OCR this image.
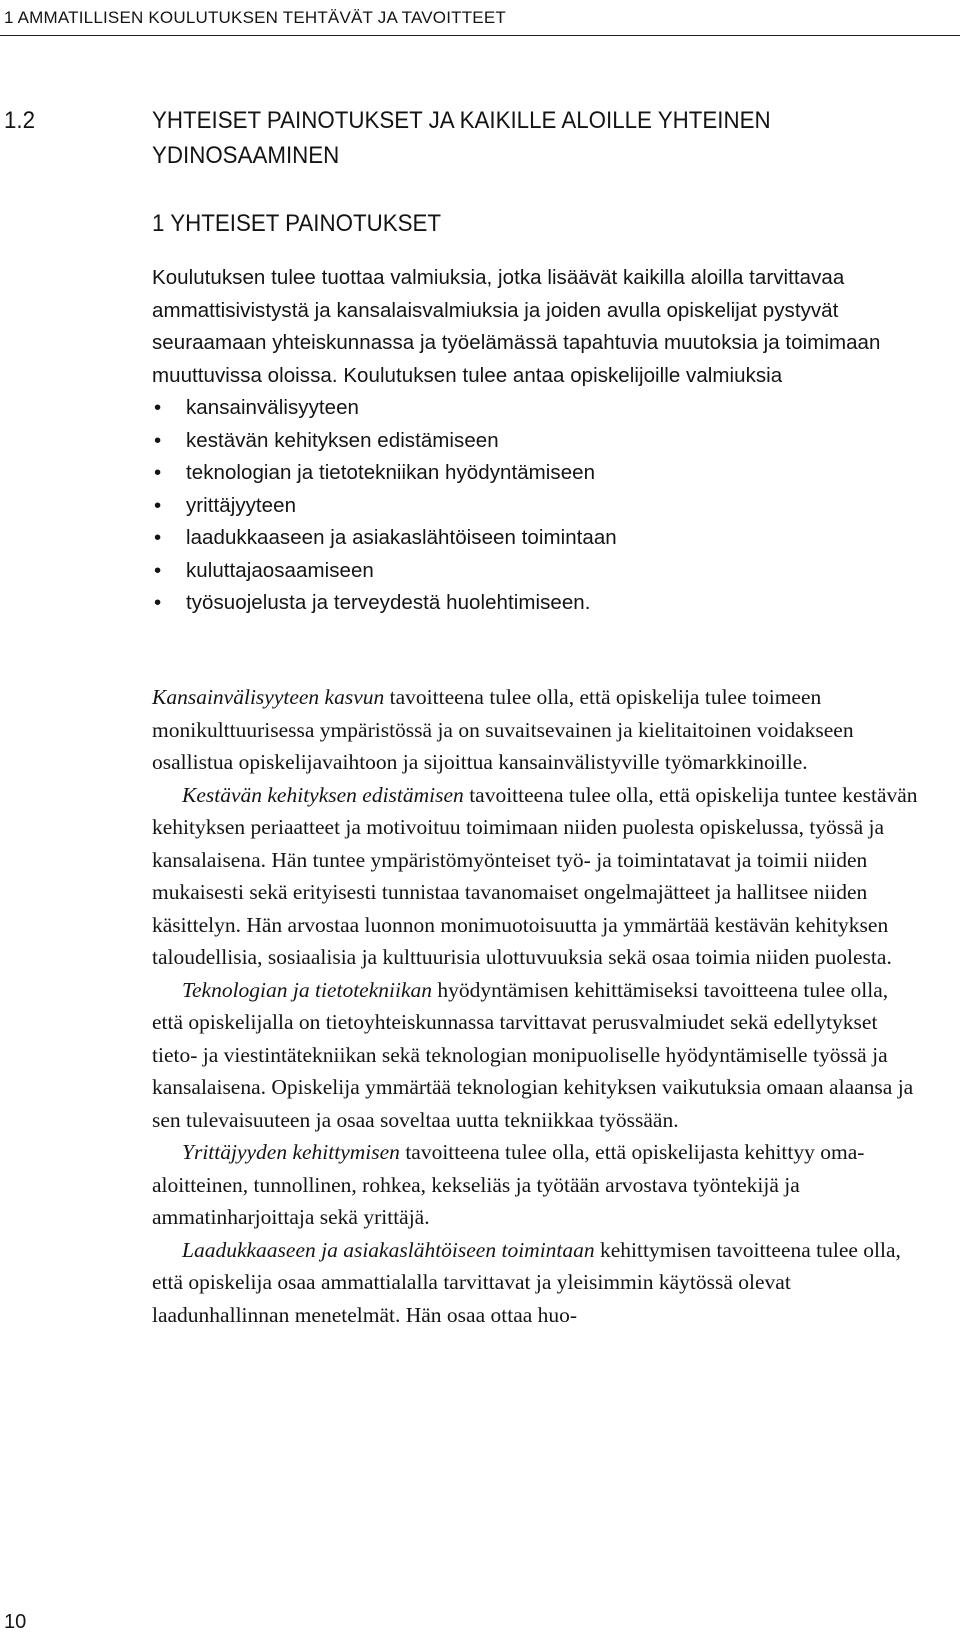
1 AMMATILLISEN KOULUTUKSEN TEHTÄVÄT JA TAVOITTEET
1.2	YHTEISET PAINOTUKSET JA KAIKILLE ALOILLE YHTEINEN YDINOSAAMINEN
1 YHTEISET PAINOTUKSET

Koulutuksen tulee tuottaa valmiuksia, jotka lisäävät kaikilla aloilla tarvittavaa ammattisivistystä ja kansalaisvalmiuksia ja joiden avulla opiskelijat pystyvät seuraamaan yhteiskunnassa ja työelämässä tapahtuvia muutoksia ja toimimaan muuttuvissa oloissa. Koulutuksen tulee antaa opiskelijoille valmiuksia

• kansainvälisyyteen
• kestävän kehityksen edistämiseen
• teknologian ja tietotekniikan hyödyntämiseen
• yrittäjyyteen
• laadukkaaseen ja asiakaslähtöiseen toimintaan
• kuluttajaosaamiseen
• työsuojelusta ja terveydestä huolehtimiseen.

Kansainvälisyyteen kasvun tavoitteena tulee olla, että opiskelija tulee toimeen monikulttuurisessa ympäristössä ja on suvaitsevainen ja kielitaitoinen voidakseen osallistua opiskelijavaihtoon ja sijoittua kansainvälistyville työmarkkinoille.

Kestävän kehityksen edistämisen tavoitteena tulee olla, että opiskelija tuntee kestävän kehityksen periaatteet ja motivoituu toimimaan niiden puolesta opiskelussa, työssä ja kansalaisena. Hän tuntee ympäristömyönteiset työ- ja toimintatavat ja toimii niiden mukaisesti sekä erityisesti tunnistaa tavanomaiset ongelmajätteet ja hallitsee niiden käsittelyn. Hän arvostaa luonnon monimuotoisuutta ja ymmärtää kestävän kehityksen taloudellisia, sosiaalisia ja kulttuurisia ulottuvuuksia sekä osaa toimia niiden puolesta.

Teknologian ja tietotekniikan hyödyntämisen kehittämiseksi tavoitteena tulee olla, että opiskelijalla on tietoyhteiskunnassa tarvittavat perusvalmiudet sekä edellytykset tieto- ja viestintätekniikan sekä teknologian monipuoliselle hyödyntämiselle työssä ja kansalaisena. Opiskelija ymmärtää teknologian kehityksen vaikutuksia omaan alaansa ja sen tulevaisuuteen ja osaa soveltaa uutta tekniikkaa työssään.

Yrittäjyyden kehittymisen tavoitteena tulee olla, että opiskelijasta kehittyy oma-aloitteinen, tunnollinen, rohkea, kekseliäs ja työtään arvostava työntekijä ja ammatinharjoittaja sekä yrittäjä.

Laadukkaaseen ja asiakaslähtöiseen toimintaan kehittymisen tavoitteena tulee olla, että opiskelija osaa ammattialalla tarvittavat ja yleisimmin käytössä olevat laadunhallinnan menetelmät. Hän osaa ottaa huo-

10
